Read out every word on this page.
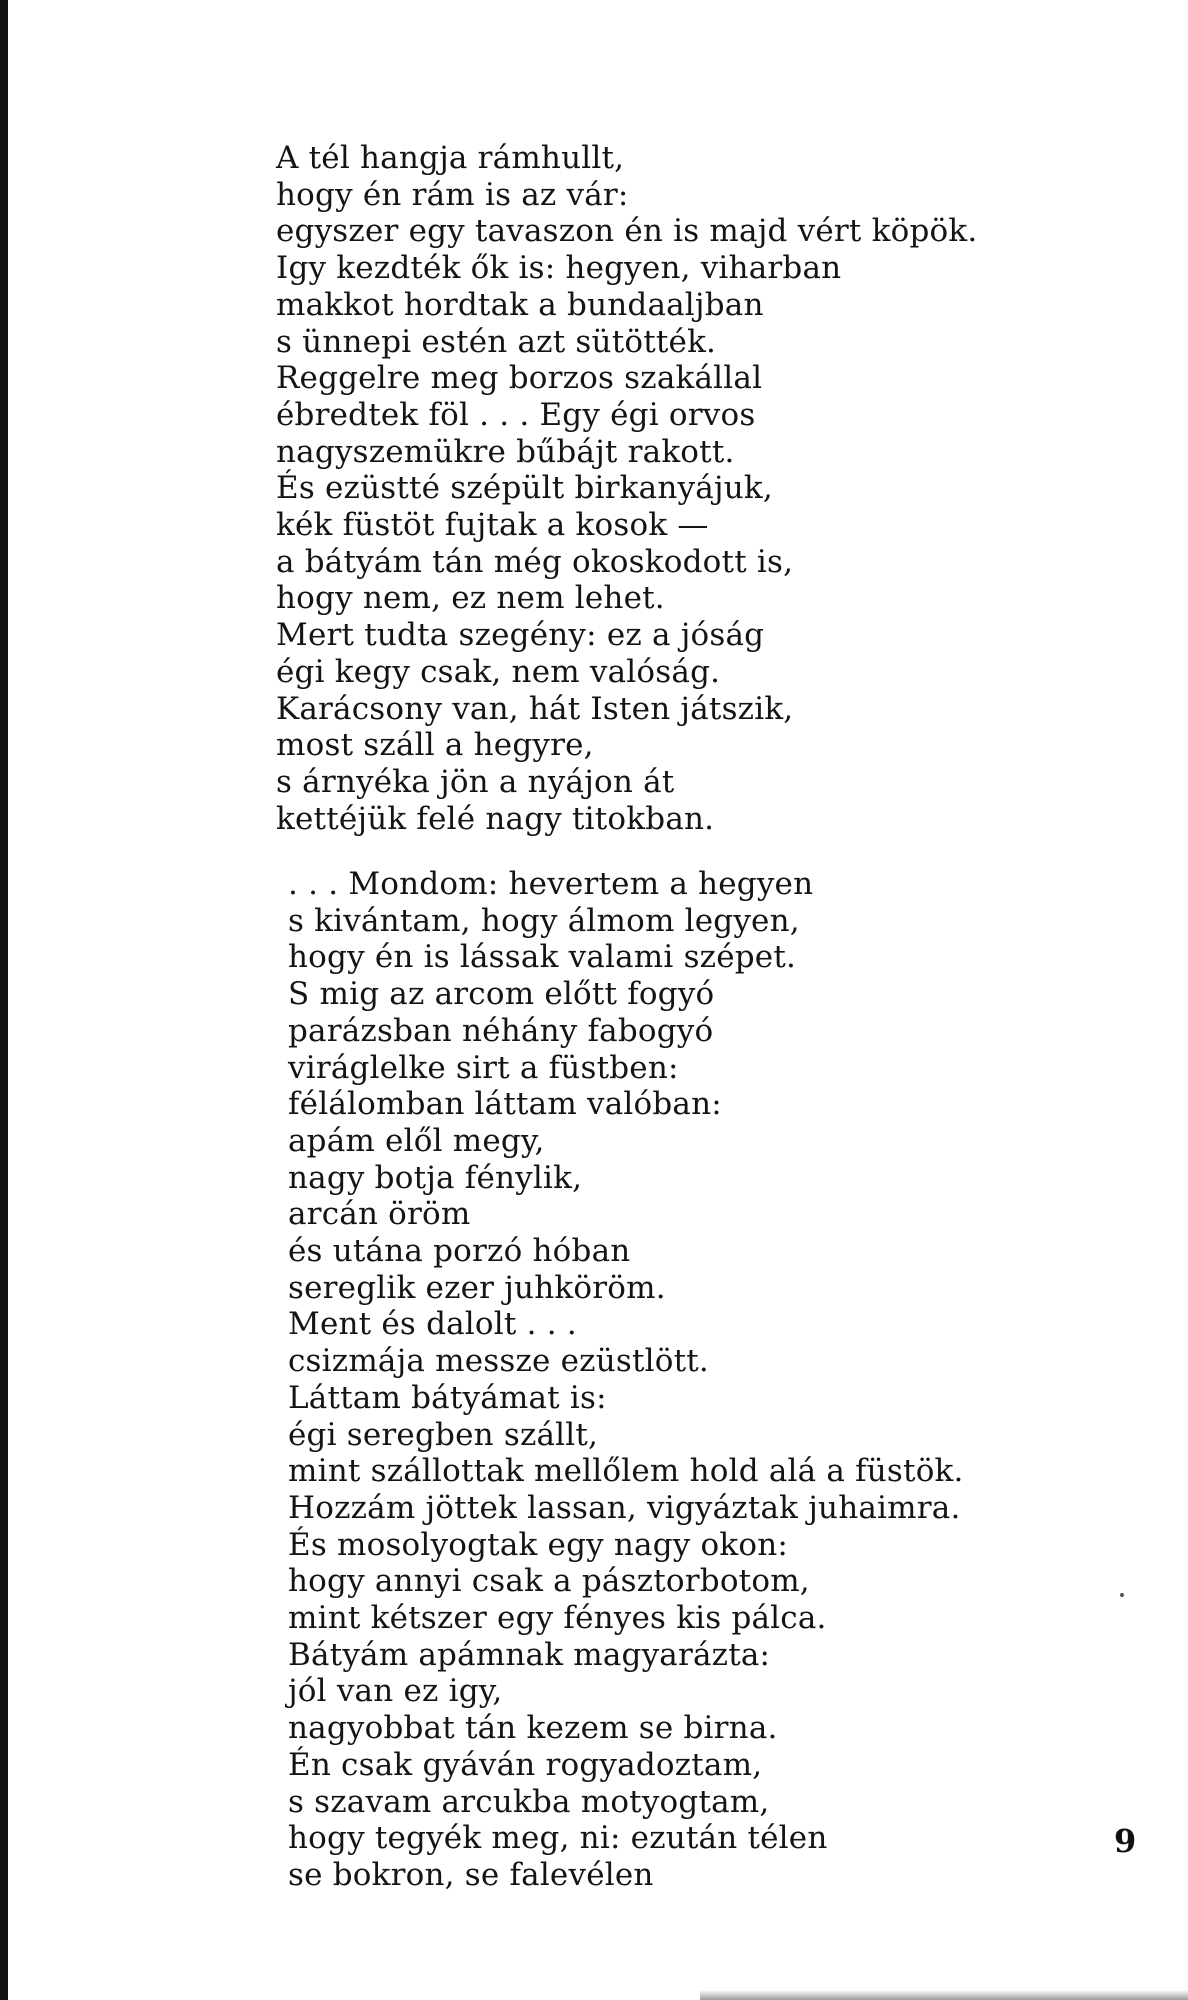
A tél hangja rámhullt,
hogy én rám is az vár:
egyszer egy tavaszon én is majd vért köpök.
Igy kezdték ők is: hegyen, viharban
makkot hordtak a bundaaljban
s ünnepi estén azt sütötték.
Reggelre meg borzos szakállal
ébredtek föl . . . Egy égi orvos
nagyszemükre bűbájt rakott.
És ezüstté szépült birkanyájuk,
kék füstöt fujtak a kosok —
a bátyám tán még okoskodott is,
hogy nem, ez nem lehet.
Mert tudta szegény: ez a jóság
égi kegy csak, nem valóság.
Karácsony van, hát Isten játszik,
most száll a hegyre,
s árnyéka jön a nyájon át
kettéjük felé nagy titokban.
. . . Mondom: hevertem a hegyen
s kivántam, hogy álmom legyen,
hogy én is lássak valami szépet.
S mig az arcom előtt fogyó
parázsban néhány fabogyó
viráglelke sirt a füstben:
félálomban láttam valóban:
apám elől megy,
nagy botja fénylik,
arcán öröm
és utána porzó hóban
sereglik ezer juhköröm.
Ment és dalolt . . .
csizmája messze ezüstlött.
Láttam bátyámat is:
égi seregben szállt,
mint szállottak mellőlem hold alá a füstök.
Hozzám jöttek lassan, vigyáztak juhaimra.
És mosolyogtak egy nagy okon:
hogy annyi csak a pásztorbotom,
mint kétszer egy fényes kis pálca.
Bátyám apámnak magyarázta:
jól van ez igy,
nagyobbat tán kezem se birna.
Én csak gyáván rogyadoztam,
s szavam arcukba motyogtam,
hogy tegyék meg, ni: ezután télen
se bokron, se falevélen
9
